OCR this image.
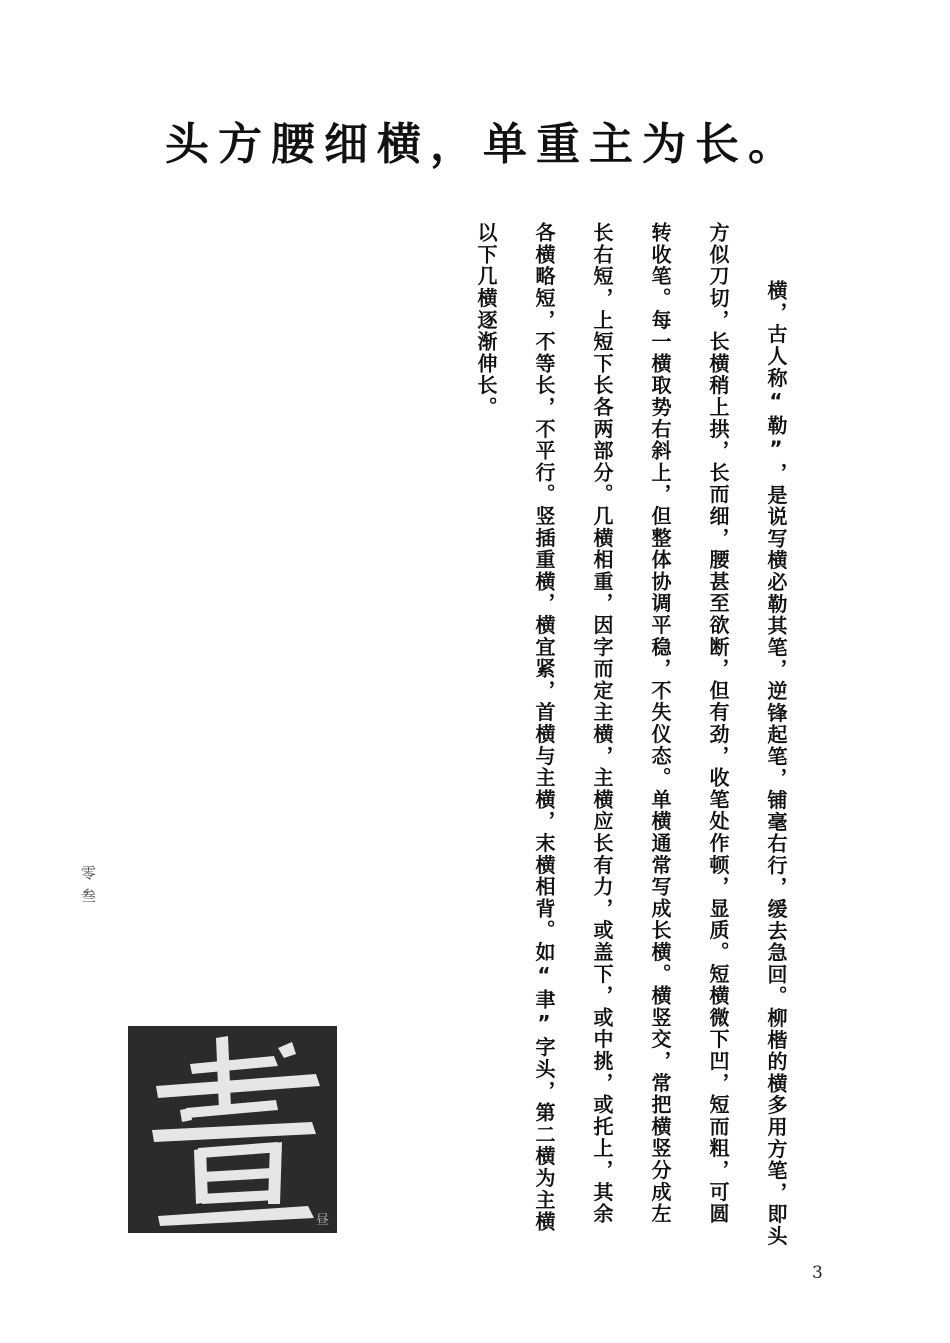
头方腰细横，单重主为长。
横，古人称“勒”，是说写横必勒其笔，逆锋起笔，铺毫右行，缓去急回。柳楷的横多用方笔，即头
方似刀切，长横稍上拱，长而细，腰甚至欲断，但有劲，收笔处作顿，显质。短横微下凹，短而粗，可圆
转收笔。每一横取势右斜上，但整体协调平稳，不失仪态。单横通常写成长横。横竖交，常把横竖分成左
长右短，上短下长各两部分。几横相重，因字而定主横，主横应长有力，或盖下，或中挑，或托上，其余
各横略短，不等长，不平行。竖插重横，横宜紧，首横与主横，末横相背。如“聿”字头，第二横为主横
以下几横逐渐伸长。
零叁
昼
3
